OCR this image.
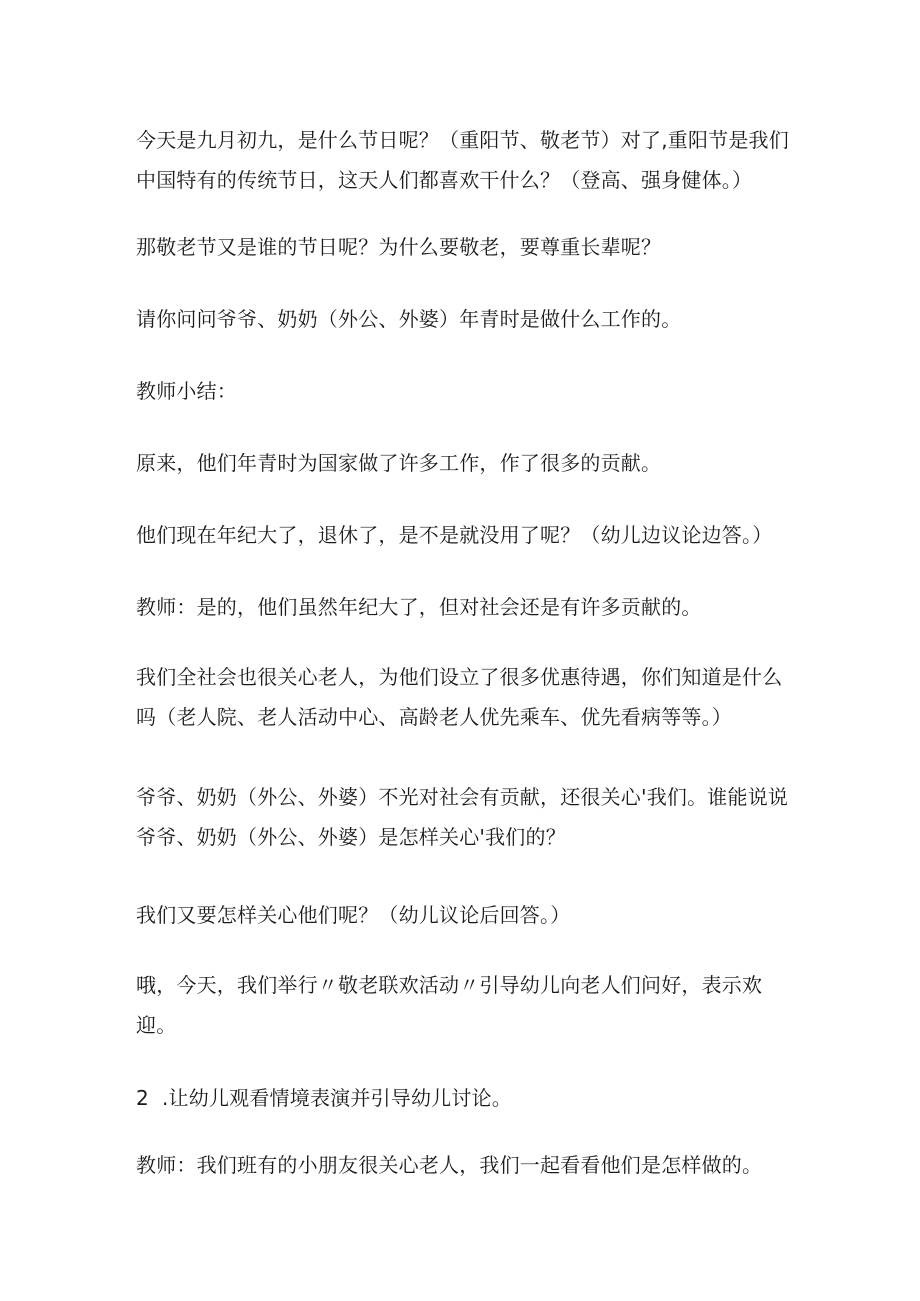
今天是九月初九，是什么节日呢？（重阳节、敬老节）对了,重阳节是我们
中国特有的传统节日，这天人们都喜欢干什么？（登高、强身健体。）

那敬老节又是谁的节日呢？为什么要敬老，要尊重长辈呢？

请你问问爷爷、奶奶（外公、外婆）年青时是做什么工作的。

教师小结：

原来，他们年青时为国家做了许多工作，作了很多的贡献。

他们现在年纪大了，退休了，是不是就没用了呢？（幼儿边议论边答。）

教师：是的，他们虽然年纪大了，但对社会还是有许多贡献的。

我们全社会也很关心老人，为他们设立了很多优惠待遇，你们知道是什么
吗（老人院、老人活动中心、高龄老人优先乘车、优先看病等等。）

爷爷、奶奶（外公、外婆）不光对社会有贡献，还很关心'我们。谁能说说
爷爷、奶奶（外公、外婆）是怎样关心'我们的？

我们又要怎样关心他们呢？（幼儿议论后回答。）

哦，今天，我们举行〃敬老联欢活动〃引导幼儿向老人们问好，表示欢
迎。

2 .让幼儿观看情境表演并引导幼儿讨论。

教师：我们班有的小朋友很关心老人，我们一起看看他们是怎样做的。
